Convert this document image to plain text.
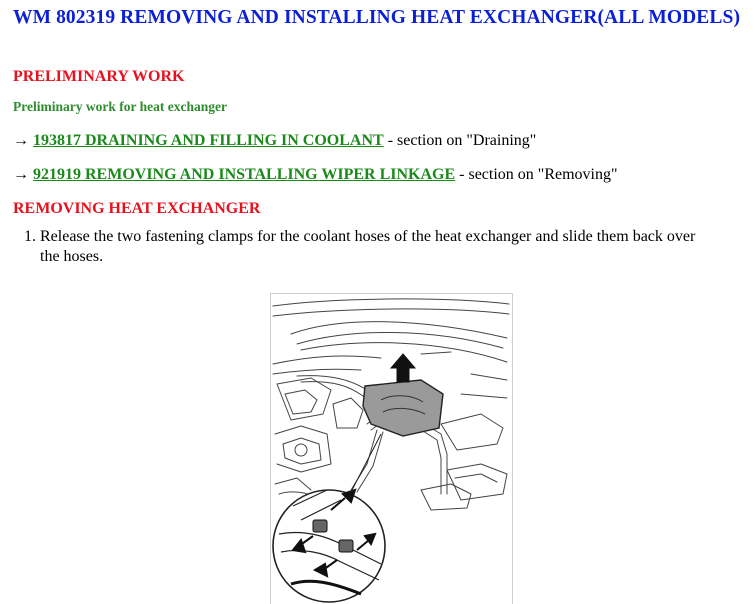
WM 802319 REMOVING AND INSTALLING HEAT EXCHANGER(ALL MODELS)
PRELIMINARY WORK
Preliminary work for heat exchanger

→ 193817 DRAINING AND FILLING IN COOLANT - section on "Draining"

→ 921919 REMOVING AND INSTALLING WIPER LINKAGE - section on "Removing"

REMOVING HEAT EXCHANGER
1. Release the two fastening clamps for the coolant hoses of the heat exchanger and slide them back over the hoses.
